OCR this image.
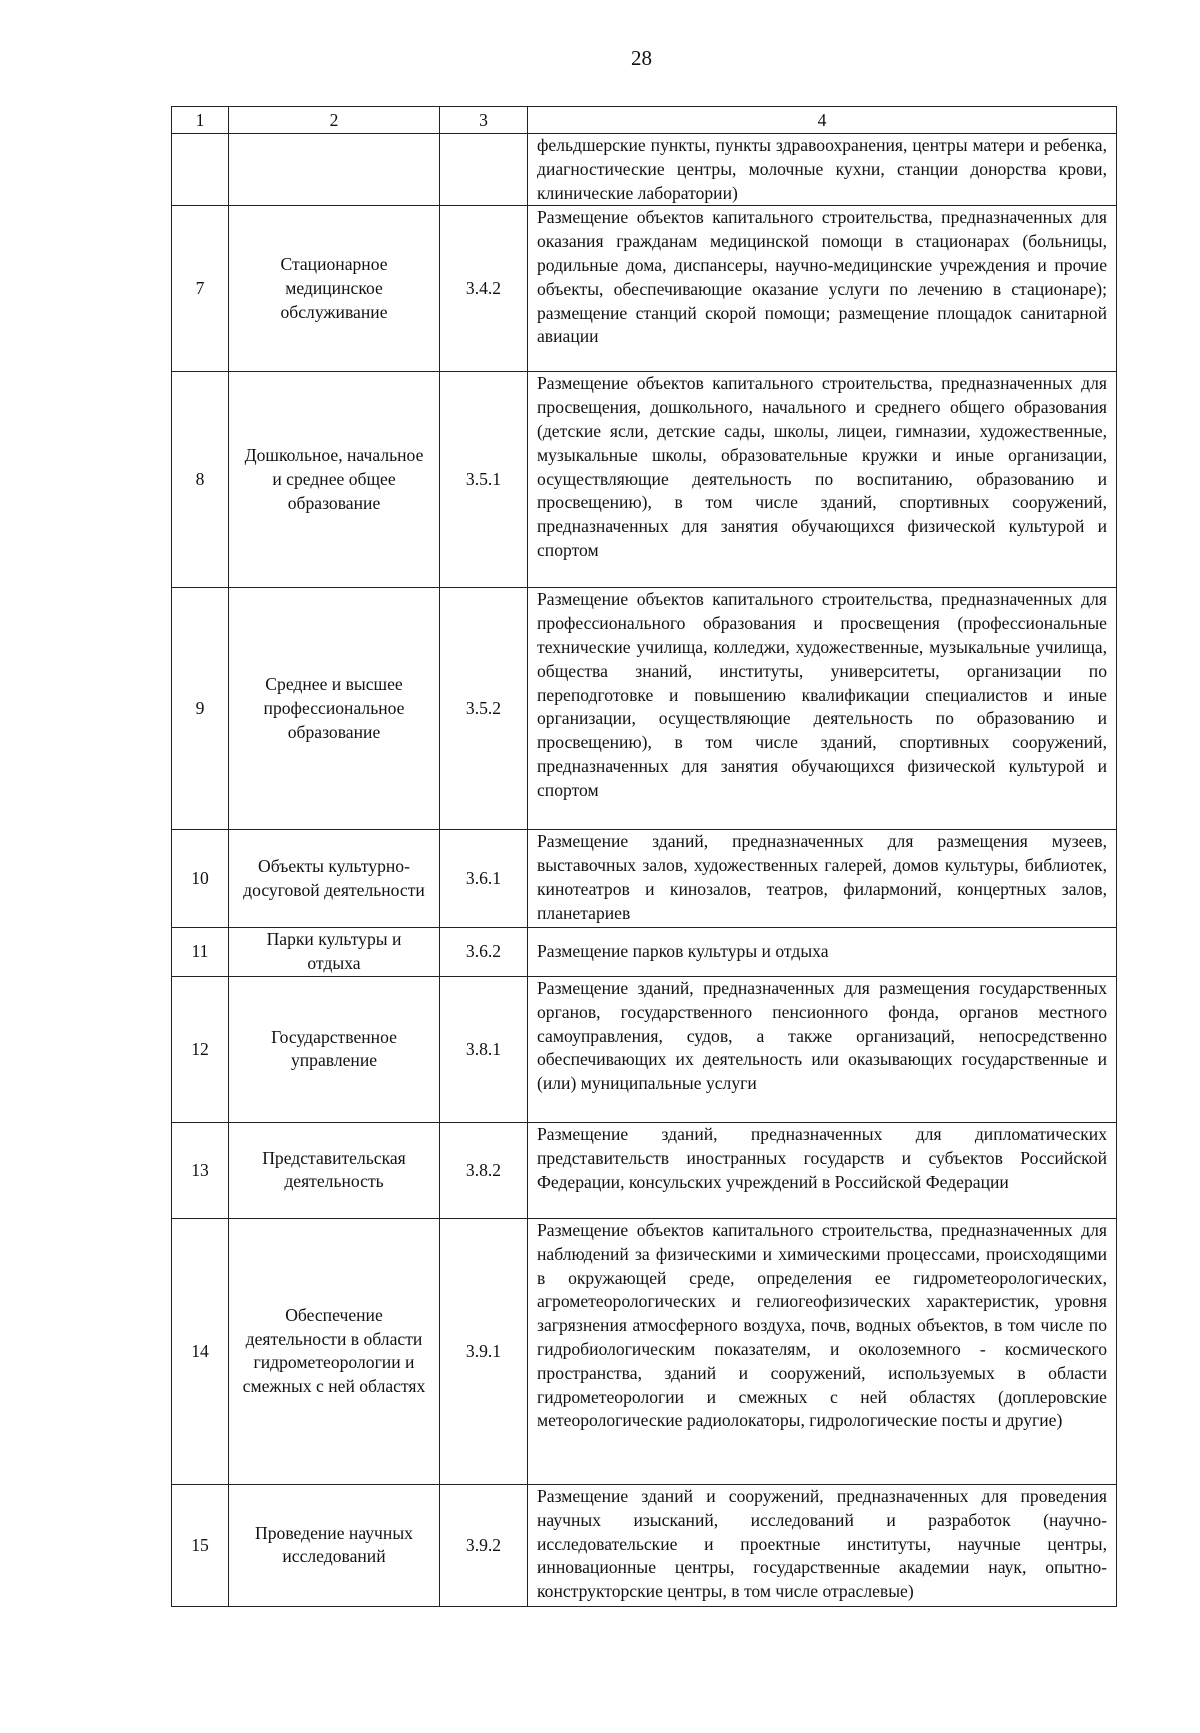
28
1	2	3	4
			фельдшерские пункты, пункты здравоохранения, центры матери и ребенка, диагностические центры, молочные кухни, станции донорства крови, клинические лаборатории)
7	Стационарное медицинское обслуживание	3.4.2	Размещение объектов капитального строительства, предназначенных для оказания гражданам медицинской помощи в стационарах (больницы, родильные дома, диспансеры, научно-медицинские учреждения и прочие объекты, обеспечивающие оказание услуги по лечению в стационаре); размещение станций скорой помощи; размещение площадок санитарной авиации
8	Дошкольное, начальное и среднее общее образование	3.5.1	Размещение объектов капитального строительства, предназначенных для просвещения, дошкольного, начального и среднего общего образования (детские ясли, детские сады, школы, лицеи, гимназии, художественные, музыкальные школы, образовательные кружки и иные организации, осуществляющие деятельность по воспитанию, образованию и просвещению), в том числе зданий, спортивных сооружений, предназначенных для занятия обучающихся физической культурой и спортом
9	Среднее и высшее профессиональное образование	3.5.2	Размещение объектов капитального строительства, предназначенных для профессионального образования и просвещения (профессиональные технические училища, колледжи, художественные, музыкальные училища, общества знаний, институты, университеты, организации по переподготовке и повышению квалификации специалистов и иные организации, осуществляющие деятельность по образованию и просвещению), в том числе зданий, спортивных сооружений, предназначенных для занятия обучающихся физической культурой и спортом
10	Объекты культурно-досуговой деятельности	3.6.1	Размещение зданий, предназначенных для размещения музеев, выставочных залов, художественных галерей, домов культуры, библиотек, кинотеатров и кинозалов, театров, филармоний, концертных залов, планетариев
11	Парки культуры и отдыха	3.6.2	Размещение парков культуры и отдыха
12	Государственное управление	3.8.1	Размещение зданий, предназначенных для размещения государственных органов, государственного пенсионного фонда, органов местного самоуправления, судов, а также организаций, непосредственно обеспечивающих их деятельность или оказывающих государственные и (или) муниципальные услуги
13	Представительская деятельность	3.8.2	Размещение зданий, предназначенных для дипломатических представительств иностранных государств и субъектов Российской Федерации, консульских учреждений в Российской Федерации
14	Обеспечение деятельности в области гидрометеорологии и смежных с ней областях	3.9.1	Размещение объектов капитального строительства, предназначенных для наблюдений за физическими и химическими процессами, происходящими в окружающей среде, определения ее гидрометеорологических, агрометеорологических и гелиогеофизических характеристик, уровня загрязнения атмосферного воздуха, почв, водных объектов, в том числе по гидробиологическим показателям, и околоземного - космического пространства, зданий и сооружений, используемых в области гидрометеорологии и смежных с ней областях (доплеровские метеорологические радиолокаторы, гидрологические посты и другие)
15	Проведение научных исследований	3.9.2	Размещение зданий и сооружений, предназначенных для проведения научных изысканий, исследований и разработок (научно-исследовательские и проектные институты, научные центры, инновационные центры, государственные академии наук, опытно-конструкторские центры, в том числе отраслевые)
